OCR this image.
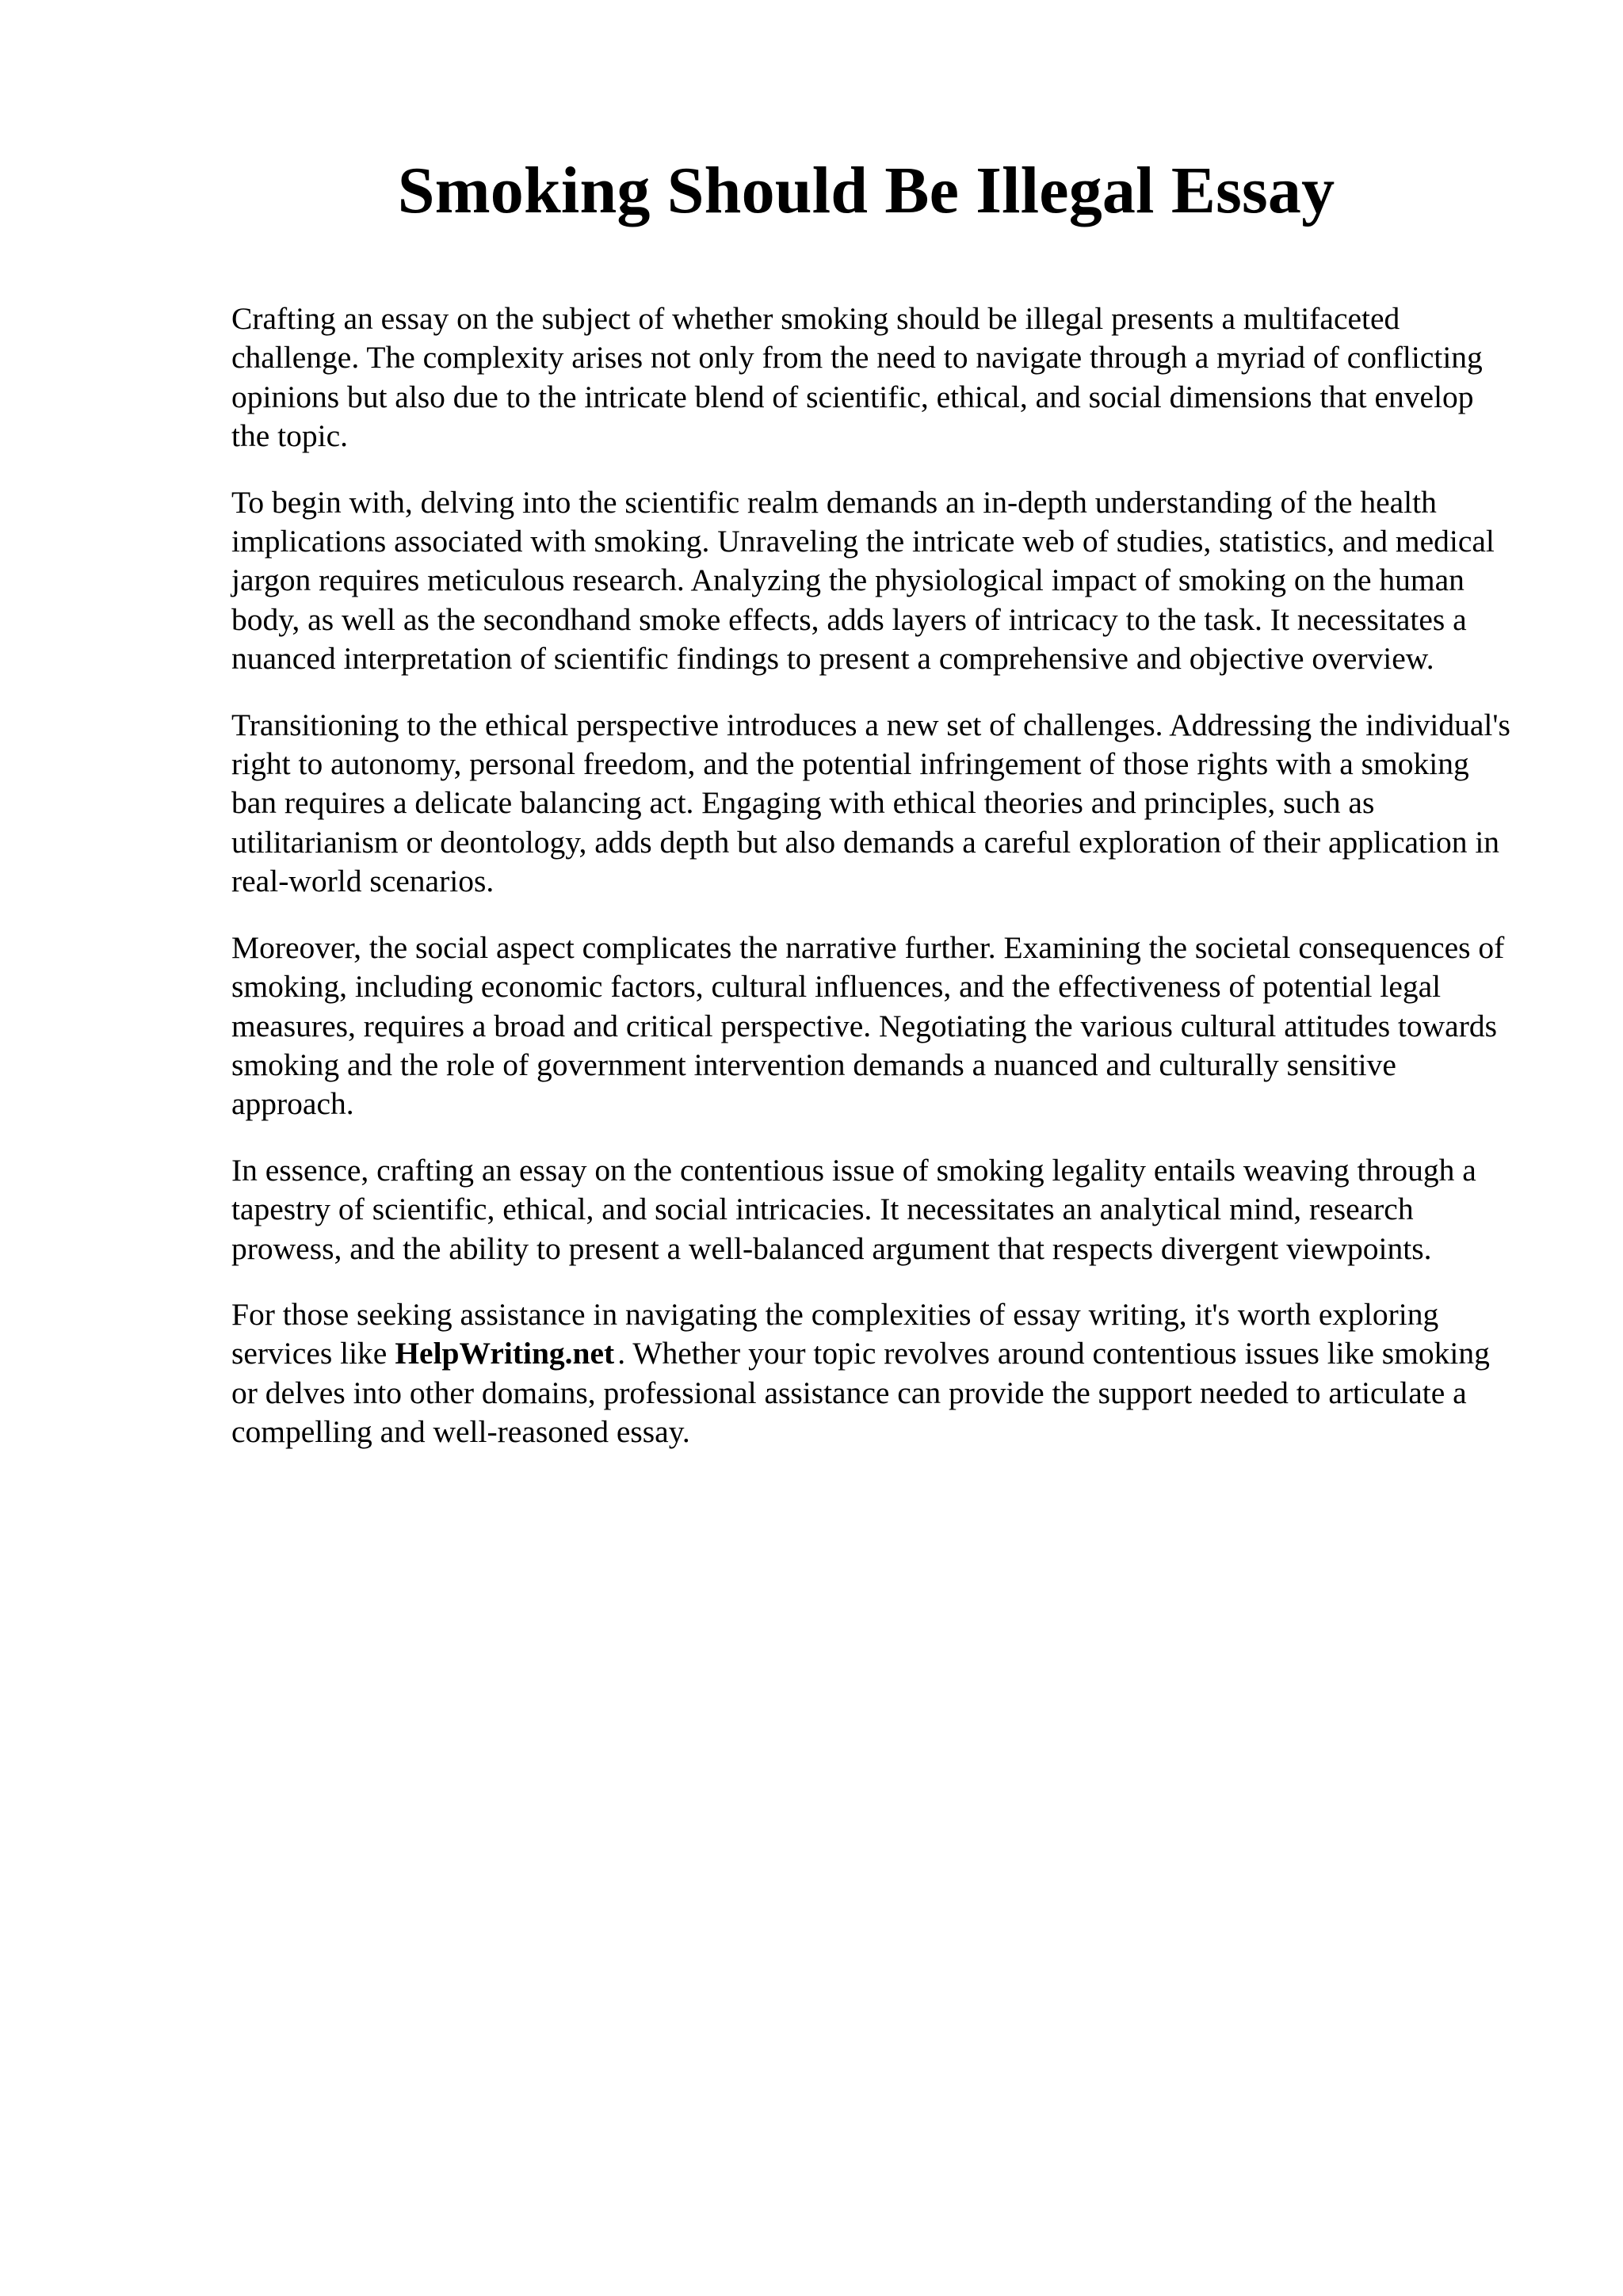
Smoking Should Be Illegal Essay

Crafting an essay on the subject of whether smoking should be illegal presents a multifaceted challenge. The complexity arises not only from the need to navigate through a myriad of conflicting opinions but also due to the intricate blend of scientific, ethical, and social dimensions that envelop the topic.

To begin with, delving into the scientific realm demands an in-depth understanding of the health implications associated with smoking. Unraveling the intricate web of studies, statistics, and medical jargon requires meticulous research. Analyzing the physiological impact of smoking on the human body, as well as the secondhand smoke effects, adds layers of intricacy to the task. It necessitates a nuanced interpretation of scientific findings to present a comprehensive and objective overview.

Transitioning to the ethical perspective introduces a new set of challenges. Addressing the individual's right to autonomy, personal freedom, and the potential infringement of those rights with a smoking ban requires a delicate balancing act. Engaging with ethical theories and principles, such as utilitarianism or deontology, adds depth but also demands a careful exploration of their application in real-world scenarios.

Moreover, the social aspect complicates the narrative further. Examining the societal consequences of smoking, including economic factors, cultural influences, and the effectiveness of potential legal measures, requires a broad and critical perspective. Negotiating the various cultural attitudes towards smoking and the role of government intervention demands a nuanced and culturally sensitive approach.

In essence, crafting an essay on the contentious issue of smoking legality entails weaving through a tapestry of scientific, ethical, and social intricacies. It necessitates an analytical mind, research prowess, and the ability to present a well-balanced argument that respects divergent viewpoints.

For those seeking assistance in navigating the complexities of essay writing, it's worth exploring services like HelpWriting.net . Whether your topic revolves around contentious issues like smoking or delves into other domains, professional assistance can provide the support needed to articulate a compelling and well-reasoned essay.
